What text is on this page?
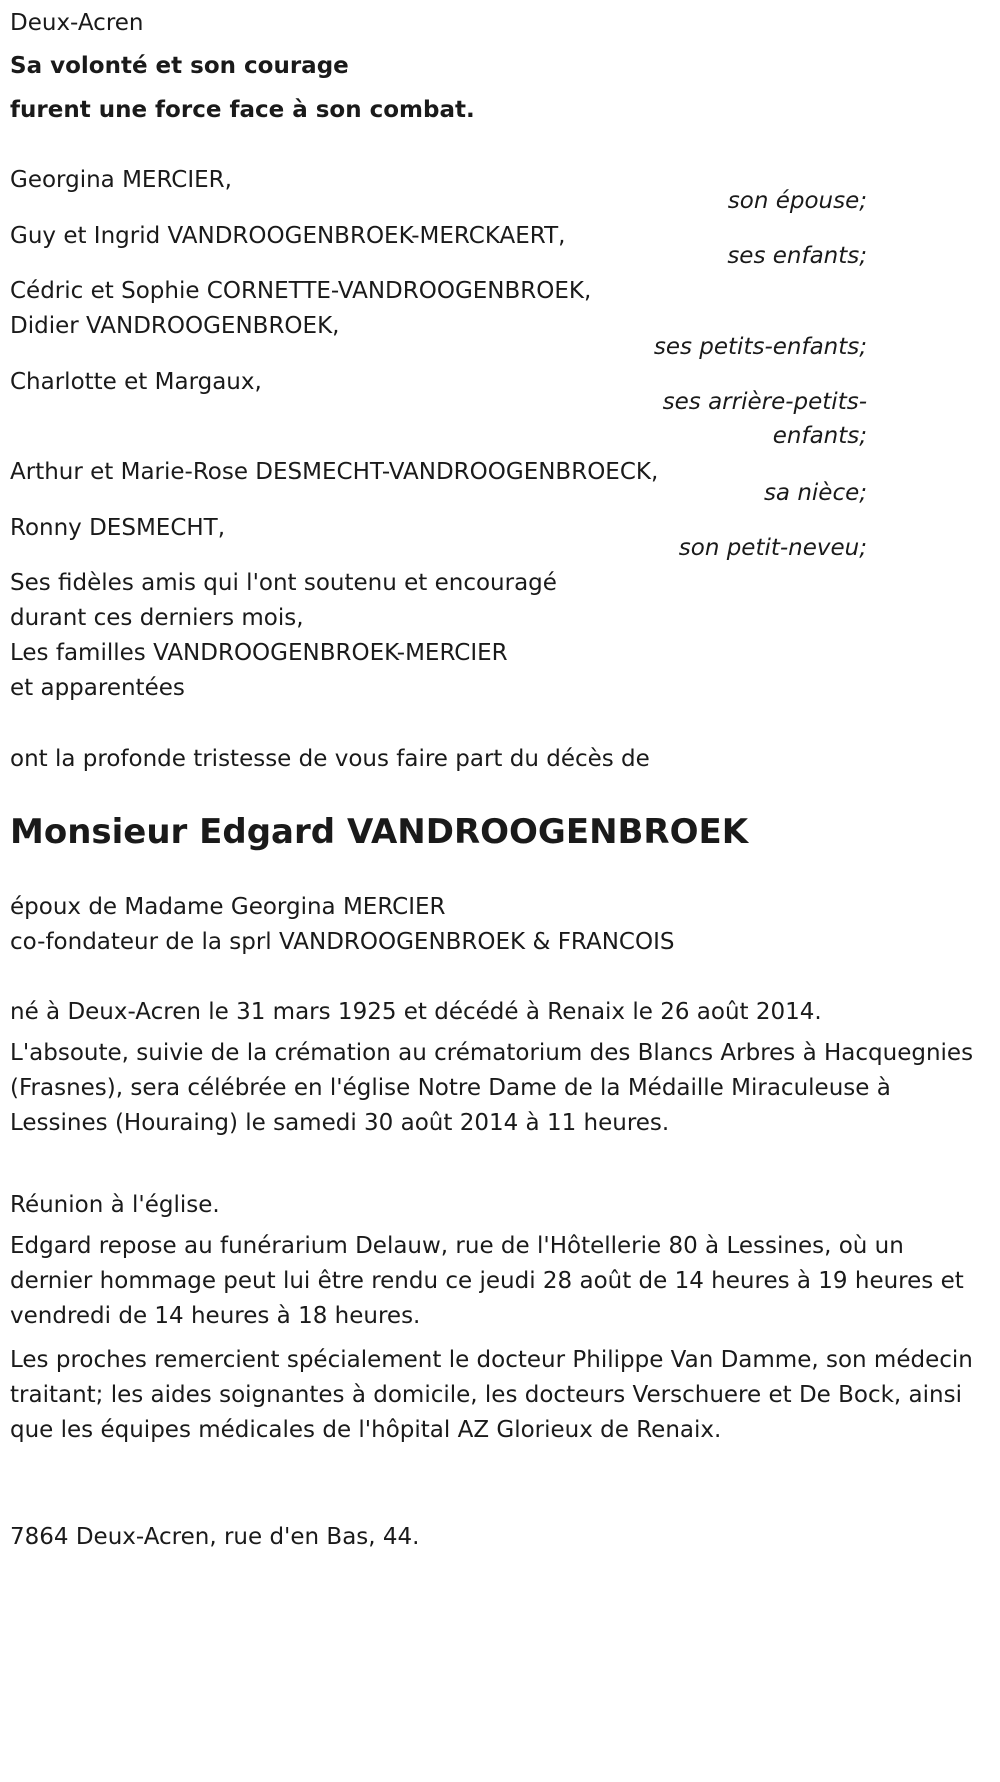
Deux-Acren
Sa volonté et son courage
furent une force face à son combat.
Georgina MERCIER,
son épouse;
Guy et Ingrid VANDROOGENBROEK-MERCKAERT,
ses enfants;
Cédric et Sophie CORNETTE-VANDROOGENBROEK,
Didier VANDROOGENBROEK,
ses petits-enfants;
Charlotte et Margaux,
ses arrière-petits-
enfants;
Arthur et Marie-Rose DESMECHT-VANDROOGENBROECK,
sa nièce;
Ronny DESMECHT,
son petit-neveu;
Ses fidèles amis qui l'ont soutenu et encouragé
durant ces derniers mois,
Les familles VANDROOGENBROEK-MERCIER
et apparentées
ont la profonde tristesse de vous faire part du décès de
Monsieur Edgard VANDROOGENBROEK
époux de Madame Georgina MERCIER
co-fondateur de la sprl VANDROOGENBROEK & FRANCOIS
né à Deux-Acren le 31 mars 1925 et décédé à Renaix le 26 août 2014.
L'absoute, suivie de la crémation au crématorium des Blancs Arbres à Hacquegnies (Frasnes), sera célébrée en l'église Notre Dame de la Médaille Miraculeuse à Lessines (Houraing) le samedi 30 août 2014 à 11 heures.
Réunion à l'église.
Edgard repose au funérarium Delauw, rue de l'Hôtellerie 80 à Lessines, où un dernier hommage peut lui être rendu ce jeudi 28 août de 14 heures à 19 heures et vendredi de 14 heures à 18 heures.
Les proches remercient spécialement le docteur Philippe Van Damme, son médecin traitant; les aides soignantes à domicile, les docteurs Verschuere et De Bock, ainsi que les équipes médicales de l'hôpital AZ Glorieux de Renaix.
7864 Deux-Acren, rue d'en Bas, 44.
